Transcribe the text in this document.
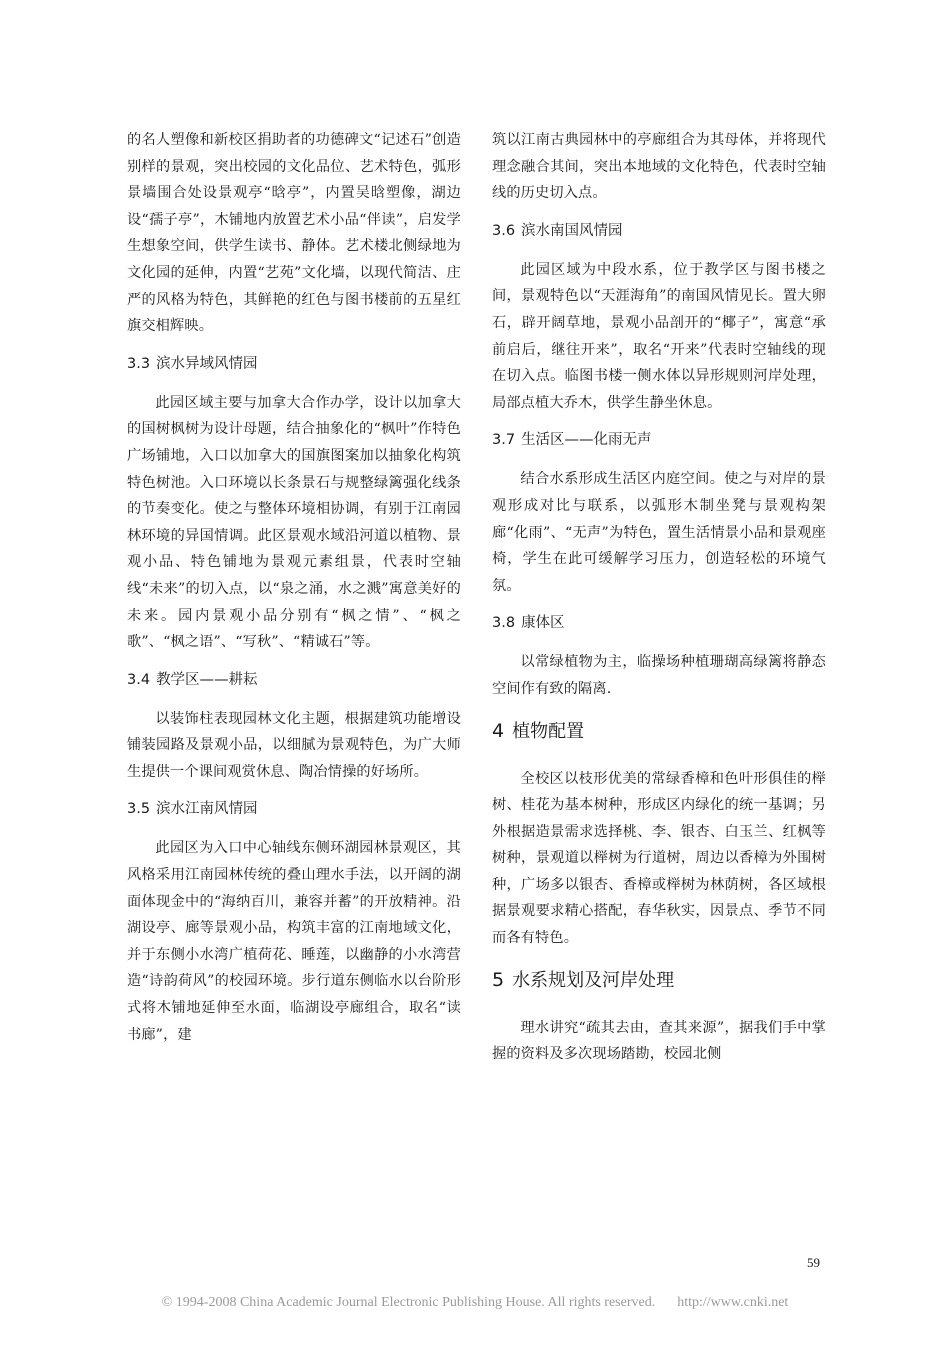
的名人塑像和新校区捐助者的功德碑文“记述石”创造别样的景观，突出校园的文化品位、艺术特色，弧形景墙围合处设景观亭“晗亭”，内置吴晗塑像，湖边设“孺子亭”，木铺地内放置艺术小品“伴读”，启发学生想象空间，供学生读书、静体。艺术楼北侧绿地为文化园的延伸，内置“艺苑”文化墙，以现代简洁、庄严的风格为特色，其鲜艳的红色与图书楼前的五星红旗交相辉映。

3.3 滨水异域风情园

此园区域主要与加拿大合作办学，设计以加拿大的国树枫树为设计母题，结合抽象化的“枫叶”作特色广场铺地，入口以加拿大的国旗图案加以抽象化构筑特色树池。入口环境以长条景石与规整绿篱强化线条的节奏变化。使之与整体环境相协调，有别于江南园林环境的异国情调。此区景观水域沿河道以植物、景观小品、特色铺地为景观元素组景，代表时空轴线“未来”的切入点，以“泉之涌，水之溅”寓意美好的未来。园内景观小品分别有“枫之情”、“枫之歌”、“枫之语”、“写秋”、“精诚石”等。

3.4 教学区——耕耘

以装饰柱表现园林文化主题，根据建筑功能增设铺装园路及景观小品，以细腻为景观特色，为广大师生提供一个课间观赏休息、陶冶情操的好场所。

3.5 滨水江南风情园

此园区为入口中心轴线东侧环湖园林景观区，其风格采用江南园林传统的叠山理水手法，以开阔的湖面体现金中的“海纳百川，兼容并蓄”的开放精神。沿湖设亭、廊等景观小品，构筑丰富的江南地域文化，并于东侧小水湾广植荷花、睡莲，以幽静的小水湾营造“诗韵荷风”的校园环境。步行道东侧临水以台阶形式将木铺地延伸至水面，临湖设亭廊组合，取名“读书廊”，建

筑以江南古典园林中的亭廊组合为其母体，并将现代理念融合其间，突出本地域的文化特色，代表时空轴线的历史切入点。

3.6 滨水南国风情园

此园区域为中段水系，位于教学区与图书楼之间，景观特色以“天涯海角”的南国风情见长。置大卵石，辟开阔草地，景观小品剖开的“椰子”，寓意“承前启后，继往开来”，取名“开来”代表时空轴线的现在切入点。临图书楼一侧水体以异形规则河岸处理，局部点植大乔木，供学生静坐休息。

3.7 生活区——化雨无声

结合水系形成生活区内庭空间。使之与对岸的景观形成对比与联系，以弧形木制坐凳与景观构架廊“化雨”、“无声”为特色，置生活情景小品和景观座椅，学生在此可缓解学习压力，创造轻松的环境气氛。

3.8 康体区

以常绿植物为主，临操场种植珊瑚高绿篱将静态空间作有致的隔离.

4 植物配置

全校区以枝形优美的常绿香樟和色叶形俱佳的榉树、桂花为基本树种，形成区内绿化的统一基调；另外根据造景需求选择桃、李、银杏、白玉兰、红枫等树种，景观道以榉树为行道树，周边以香樟为外围树种，广场多以银杏、香樟或榉树为林荫树，各区域根据景观要求精心搭配，春华秋实，因景点、季节不同而各有特色。

5 水系规划及河岸处理

理水讲究“疏其去由，查其来源”，据我们手中掌握的资料及多次现场踏勘，校园北侧

59
© 1994-2008 China Academic Journal Electronic Publishing House. All rights reserved. http://www.cnki.net
